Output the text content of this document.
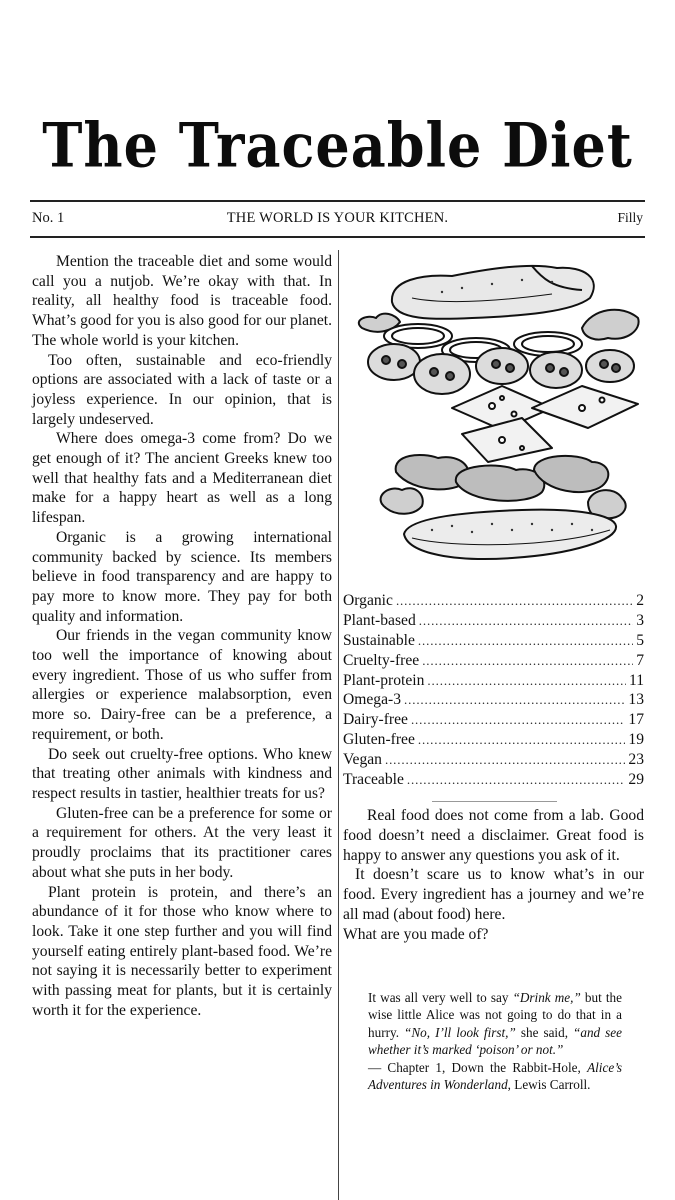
The Traceable Diet
No. 1	THE WORLD IS YOUR KITCHEN.	Filly

Mention the traceable diet and some would call you a nutjob. We’re okay with that. In reality, all healthy food is traceable food. What’s good for you is also good for our planet. The whole world is your kitchen.

Too often, sustainable and eco-friendly options are associated with a lack of taste or a joyless experience. In our opinion, that is largely undeserved.

Where does omega-3 come from? Do we get enough of it? The ancient Greeks knew too well that healthy fats and a Mediterranean diet make for a happy heart as well as a long lifespan.

Organic is a growing international community backed by science. Its members believe in food transparency and are happy to pay more to know more. They pay for both quality and information.

Our friends in the vegan community know too well the importance of knowing about every ingredient. Those of us who suffer from allergies or experience malabsorption, even more so. Dairy-free can be a preference, a requirement, or both.

Do seek out cruelty-free options. Who knew that treating other animals with kindness and respect results in tastier, healthier treats for us?

Gluten-free can be a preference for some or a requirement for others. At the very least it proudly proclaims that its practitioner cares about what she puts in her body.

Plant protein is protein, and there’s an abundance of it for those who know where to look. Take it one step further and you will find yourself eating entirely plant-based food. We’re not saying it is necessarily better to experiment with passing meat for plants, but it is certainly worth it for the experience.

Organic . . .	2
Plant-based . . .	3
Sustainable . . .	5
Cruelty-free . . .	7
Plant-protein . . .	11
Omega-3 . . .	13
Dairy-free . . .	17
Gluten-free . . .	19
Vegan . . .	23
Traceable . . .	29

Real food does not come from a lab. Good food doesn’t need a disclaimer. Great food is happy to answer any questions you ask of it.

It doesn’t scare us to know what’s in our food. Every ingredient has a journey and we’re all mad (about food) here.

What are you made of?

It was all very well to say “Drink me,” but the wise little Alice was not going to do that in a hurry. “No, I’ll look first,” she said, “and see whether it’s marked ‘poison’ or not.”
— Chapter 1, Down the Rabbit-Hole, Alice’s Adventures in Wonderland, Lewis Carroll.
